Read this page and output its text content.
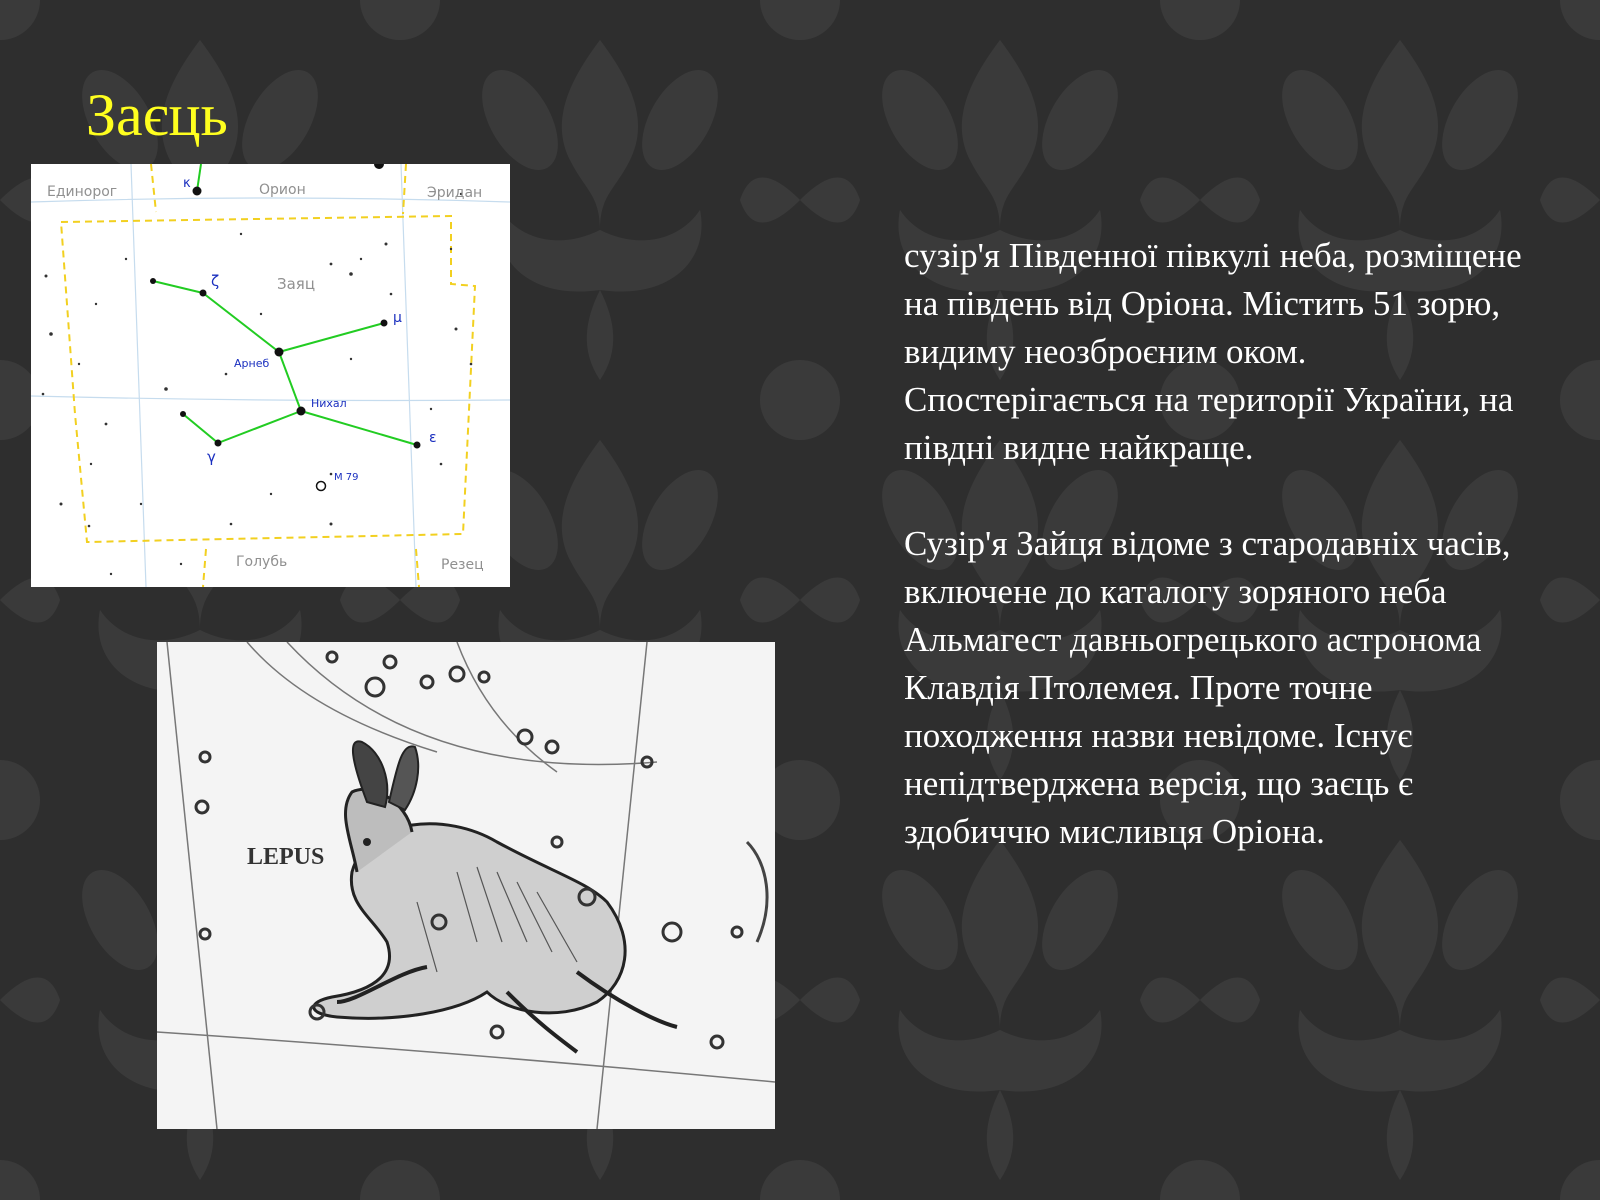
Заєць
Единорог	Орион	Эридан
Заяц
Голубь	Резец
κ
ζ
μ
Арнеб
Нихал
γ
ε
M 79
LEPUS

сузір'я Південної півкулі неба, розміщене на південь від Оріона. Містить 51 зорю, видиму неозброєним оком. Спостерігається на території України, на півдні видне найкраще.

Сузір'я Зайця відоме з стародавніх часів, включене до каталогу зоряного неба Альмагест давньогрецького астронома Клавдія Птолемея. Проте точне походження назви невідоме. Існує непідтверджена версія, що заєць є здобиччю мисливця Оріона.
